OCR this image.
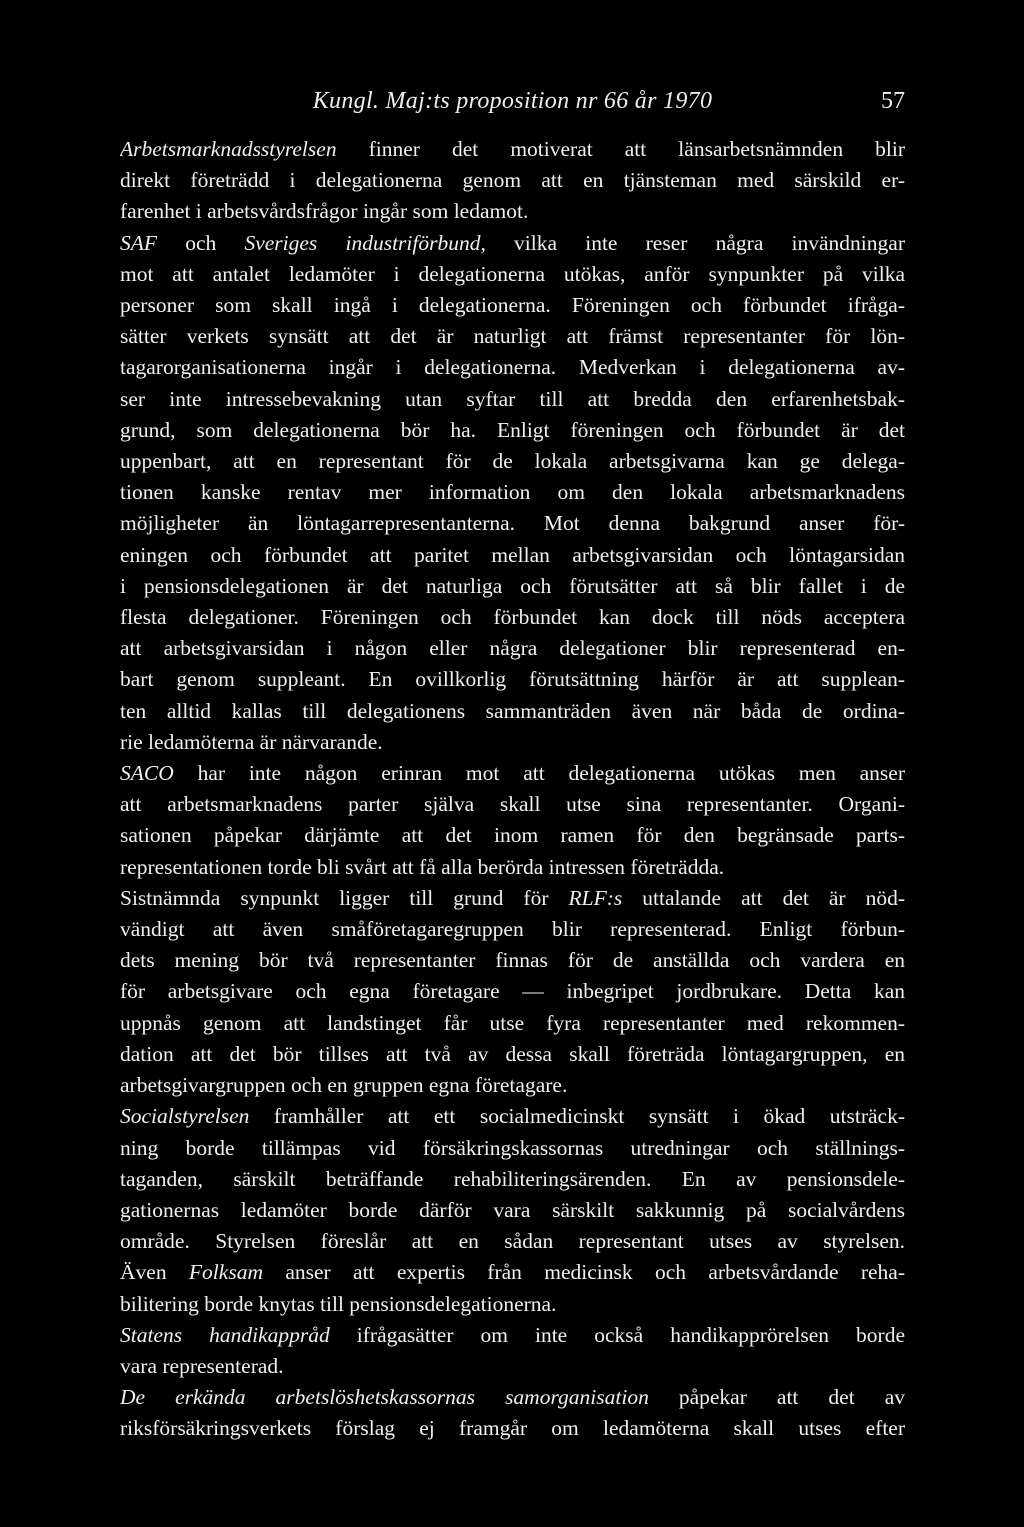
Kungl. Maj:ts proposition nr 66 år 1970	57

Arbetsmarknadsstyrelsen finner det motiverat att länsarbetsnämnden blir
direkt företrädd i delegationerna genom att en tjänsteman med särskild er-
farenhet i arbetsvårdsfrågor ingår som ledamot.

SAF och Sveriges industriförbund, vilka inte reser några invändningar
mot att antalet ledamöter i delegationerna utökas, anför synpunkter på vilka
personer som skall ingå i delegationerna. Föreningen och förbundet ifråga-
sätter verkets synsätt att det är naturligt att främst representanter för lön-
tagarorganisationerna ingår i delegationerna. Medverkan i delegationerna av-
ser inte intressebevakning utan syftar till att bredda den erfarenhetsbak-
grund, som delegationerna bör ha. Enligt föreningen och förbundet är det
uppenbart, att en representant för de lokala arbetsgivarna kan ge delega-
tionen kanske rentav mer information om den lokala arbetsmarknadens
möjligheter än löntagarrepresentanterna. Mot denna bakgrund anser för-
eningen och förbundet att paritet mellan arbetsgivarsidan och löntagarsidan
i pensionsdelegationen är det naturliga och förutsätter att så blir fallet i de
flesta delegationer. Föreningen och förbundet kan dock till nöds acceptera
att arbetsgivarsidan i någon eller några delegationer blir representerad en-
bart genom suppleant. En ovillkorlig förutsättning härför är att supplean-
ten alltid kallas till delegationens sammanträden även när båda de ordina-
rie ledamöterna är närvarande.

SACO har inte någon erinran mot att delegationerna utökas men anser
att arbetsmarknadens parter själva skall utse sina representanter. Organi-
sationen påpekar därjämte att det inom ramen för den begränsade parts-
representationen torde bli svårt att få alla berörda intressen företrädda.

Sistnämnda synpunkt ligger till grund för RLF:s uttalande att det är nöd-
vändigt att även småföretagaregruppen blir representerad. Enligt förbun-
dets mening bör två representanter finnas för de anställda och vardera en
för arbetsgivare och egna företagare — inbegripet jordbrukare. Detta kan
uppnås genom att landstinget får utse fyra representanter med rekommen-
dation att det bör tillses att två av dessa skall företräda löntagargruppen, en
arbetsgivargruppen och en gruppen egna företagare.

Socialstyrelsen framhåller att ett socialmedicinskt synsätt i ökad utsträck-
ning borde tillämpas vid försäkringskassornas utredningar och ställnings-
taganden, särskilt beträffande rehabiliteringsärenden. En av pensionsdele-
gationernas ledamöter borde därför vara särskilt sakkunnig på socialvårdens
område. Styrelsen föreslår att en sådan representant utses av styrelsen.
Även Folksam anser att expertis från medicinsk och arbetsvårdande reha-
bilitering borde knytas till pensionsdelegationerna.

Statens handikappråd ifrågasätter om inte också handikapprörelsen borde
vara representerad.

De erkända arbetslöshetskassornas samorganisation påpekar att det av
riksförsäkringsverkets förslag ej framgår om ledamöterna skall utses efter
